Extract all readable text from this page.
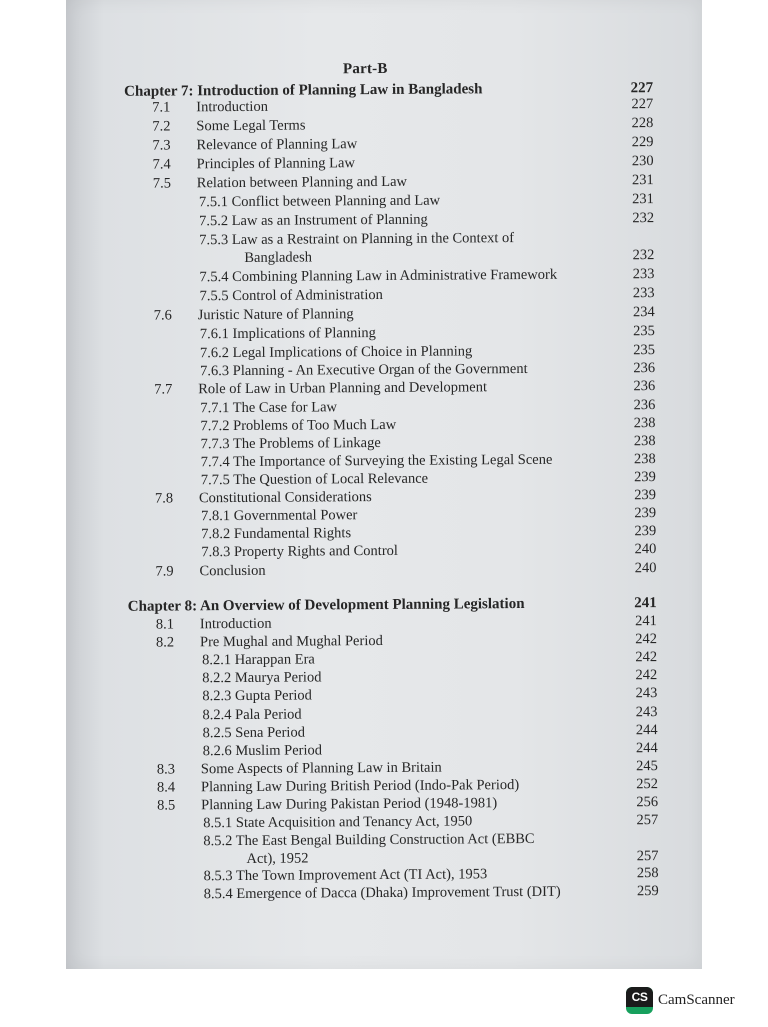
Part-B
Chapter 7: Introduction of Planning Law in Bangladesh	227
7.1 Introduction	227
7.2 Some Legal Terms	228
7.3 Relevance of Planning Law	229
7.4 Principles of Planning Law	230
7.5 Relation between Planning and Law	231
7.5.1 Conflict between Planning and Law	231
7.5.2 Law as an Instrument of Planning	232
7.5.3 Law as a Restraint on Planning in the Context of
Bangladesh	232
7.5.4 Combining Planning Law in Administrative Framework	233
7.5.5 Control of Administration	233
7.6 Juristic Nature of Planning	234
7.6.1 Implications of Planning	235
7.6.2 Legal Implications of Choice in Planning	235
7.6.3 Planning - An Executive Organ of the Government	236
7.7 Role of Law in Urban Planning and Development	236
7.7.1 The Case for Law	236
7.7.2 Problems of Too Much Law	238
7.7.3 The Problems of Linkage	238
7.7.4 The Importance of Surveying the Existing Legal Scene	238
7.7.5 The Question of Local Relevance	239
7.8 Constitutional Considerations	239
7.8.1 Governmental Power	239
7.8.2 Fundamental Rights	239
7.8.3 Property Rights and Control	240
7.9 Conclusion	240
Chapter 8: An Overview of Development Planning Legislation	241
8.1 Introduction	241
8.2 Pre Mughal and Mughal Period	242
8.2.1 Harappan Era	242
8.2.2 Maurya Period	242
8.2.3 Gupta Period	243
8.2.4 Pala Period	243
8.2.5 Sena Period	244
8.2.6 Muslim Period	244
8.3 Some Aspects of Planning Law in Britain	245
8.4 Planning Law During British Period (Indo-Pak Period)	252
8.5 Planning Law During Pakistan Period (1948-1981)	256
8.5.1 State Acquisition and Tenancy Act, 1950	257
8.5.2 The East Bengal Building Construction Act (EBBC
Act), 1952	257
8.5.3 The Town Improvement Act (TI Act), 1953	258
8.5.4 Emergence of Dacca (Dhaka) Improvement Trust (DIT)	259
CS CamScanner
